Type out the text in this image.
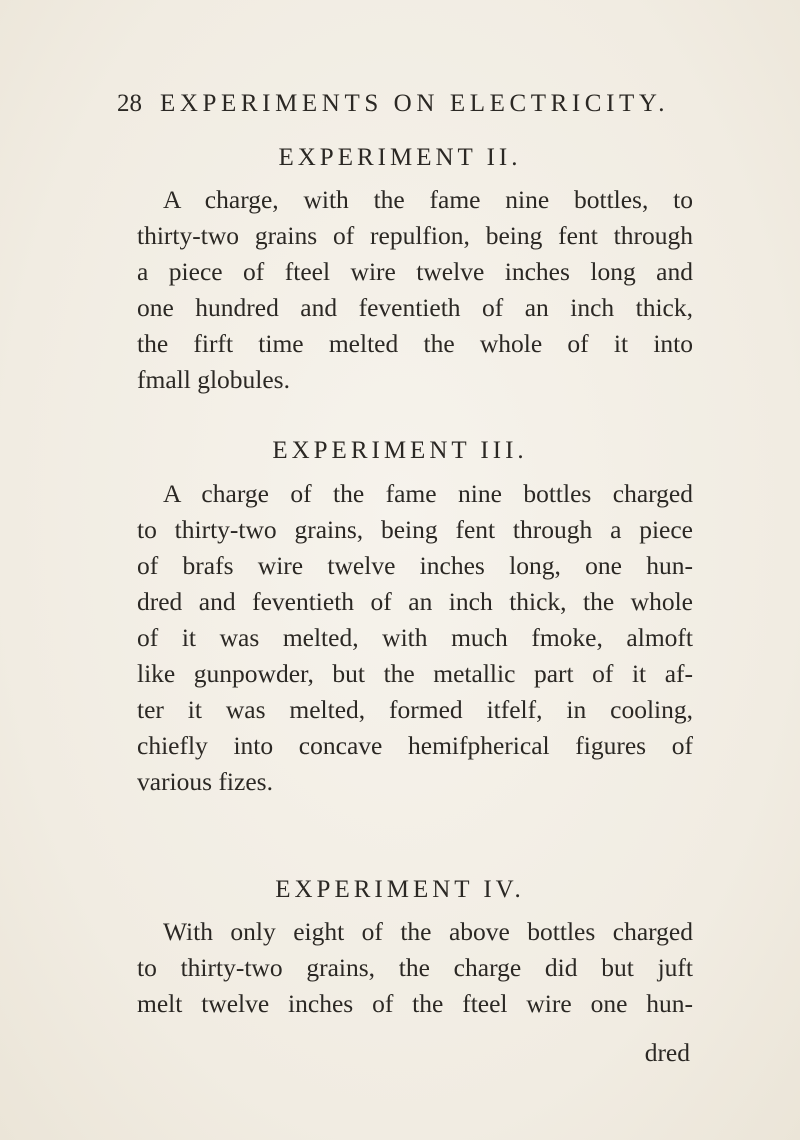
28 EXPERIMENTS ON ELECTRICITY.
EXPERIMENT II.
A charge, with the fame nine bottles, to
thirty-two grains of repulfion, being fent through
a piece of fteel wire twelve inches long and
one hundred and feventieth of an inch thick,
the firft time melted the whole of it into
fmall globules.
EXPERIMENT III.
A charge of the fame nine bottles charged
to thirty-two grains, being fent through a piece
of brafs wire twelve inches long, one hun-
dred and feventieth of an inch thick, the whole
of it was melted, with much fmoke, almoft
like gunpowder, but the metallic part of it af-
ter it was melted, formed itfelf, in cooling,
chiefly into concave hemifpherical figures of
various fizes.
EXPERIMENT IV.
With only eight of the above bottles charged
to thirty-two grains, the charge did but juft
melt twelve inches of the fteel wire one hun-
dred
